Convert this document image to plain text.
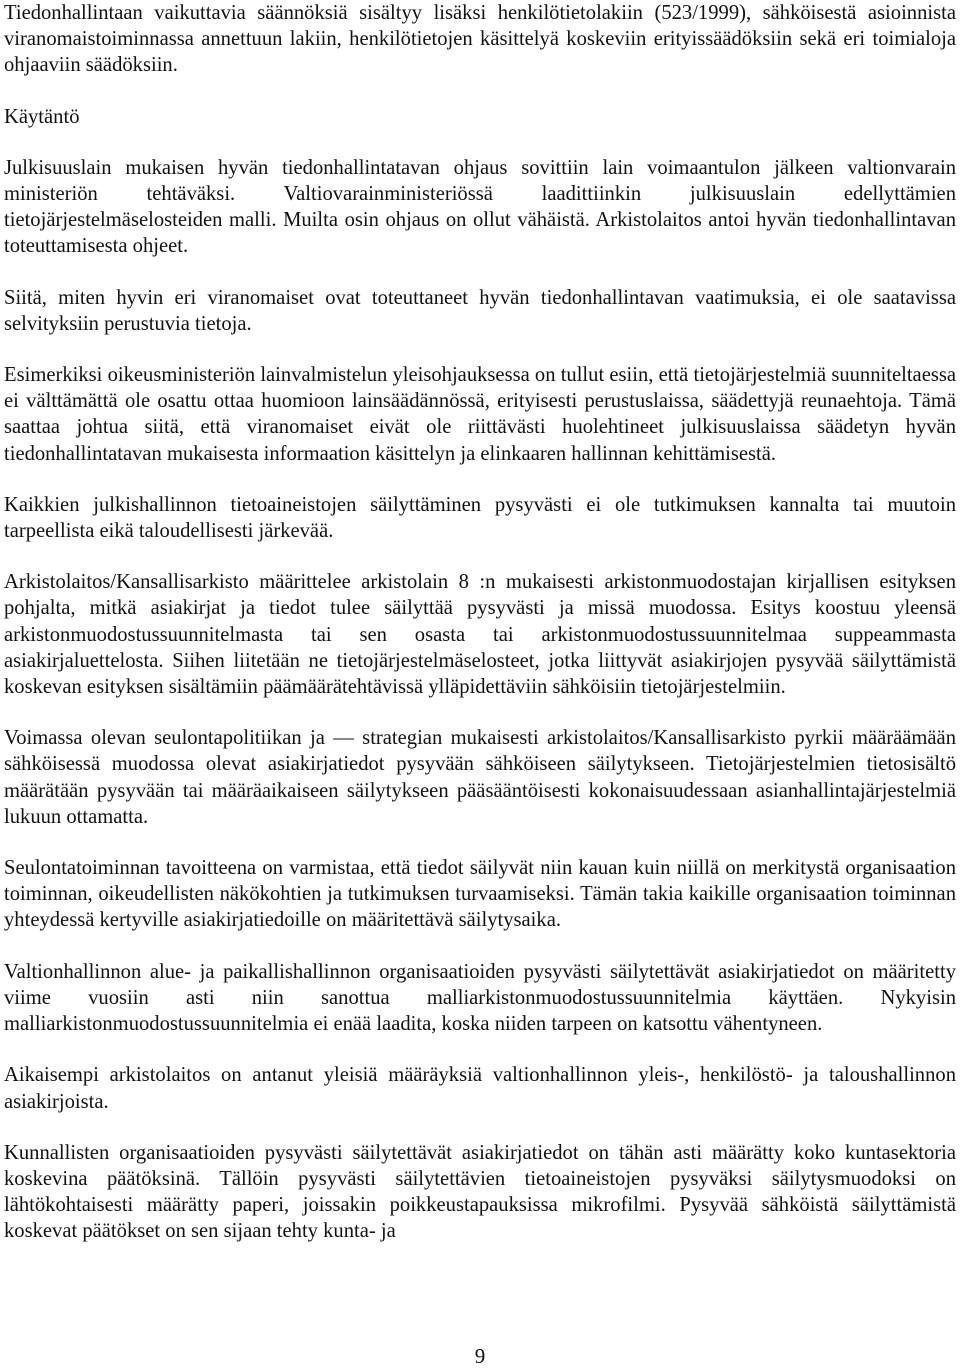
Tiedonhallintaan vaikuttavia säännöksiä sisältyy lisäksi henkilötietolakiin (523/1999), sähköisestä asioinnista viranomaistoiminnassa annettuun lakiin, henkilötietojen käsittelyä koskeviin erityissäädöksiin sekä eri toimialoja ohjaaviin säädöksiin.

Käytäntö

Julkisuuslain mukaisen hyvän tiedonhallintatavan ohjaus sovittiin lain voimaantulon jälkeen valtionvarain ministeriön tehtäväksi. Valtiovarainministeriössä laadittiinkin julkisuuslain edellyttämien tietojärjestelmäselosteiden malli. Muilta osin ohjaus on ollut vähäistä. Arkistolaitos antoi hyvän tiedonhallintavan toteuttamisesta ohjeet.

Siitä, miten hyvin eri viranomaiset ovat toteuttaneet hyvän tiedonhallintavan vaatimuksia, ei ole saatavissa selvityksiin perustuvia tietoja.

Esimerkiksi oikeusministeriön lainvalmistelun yleisohjauksessa on tullut esiin, että tietojärjestelmiä suunniteltaessa ei välttämättä ole osattu ottaa huomioon lainsäädännössä, erityisesti perustuslaissa, säädettyjä reunaehtoja. Tämä saattaa johtua siitä, että viranomaiset eivät ole riittävästi huolehtineet julkisuuslaissa säädetyn hyvän tiedonhallintatavan mukaisesta informaation käsittelyn ja elinkaaren hallinnan kehittämisestä.

Kaikkien julkishallinnon tietoaineistojen säilyttäminen pysyvästi ei ole tutkimuksen kannalta tai muutoin tarpeellista eikä taloudellisesti järkevää.

Arkistolaitos/Kansallisarkisto määrittelee arkistolain 8 :n mukaisesti arkistonmuodostajan kirjallisen esityksen pohjalta, mitkä asiakirjat ja tiedot tulee säilyttää pysyvästi ja missä muodossa. Esitys koostuu yleensä arkistonmuodostussuunnitelmasta tai sen osasta tai arkistonmuodostussuunnitelmaa suppeammasta asiakirjaluettelosta. Siihen liitetään ne tietojärjestelmäselosteet, jotka liittyvät asiakirjojen pysyvää säilyttämistä koskevan esityksen sisältämiin päämäärätehtävissä ylläpidettäviin sähköisiin tietojärjestelmiin.

Voimassa olevan seulontapolitiikan ja — strategian mukaisesti arkistolaitos/Kansallisarkisto pyrkii määräämään sähköisessä muodossa olevat asiakirjatiedot pysyvään sähköiseen säilytykseen. Tietojärjestelmien tietosisältö määrätään pysyvään tai määräaikaiseen säilytykseen pääsääntöisesti kokonaisuudessaan asianhallintajärjestelmiä lukuun ottamatta.

Seulontatoiminnan tavoitteena on varmistaa, että tiedot säilyvät niin kauan kuin niillä on merkitystä organisaation toiminnan, oikeudellisten näkökohtien ja tutkimuksen turvaamiseksi. Tämän takia kaikille organisaation toiminnan yhteydessä kertyville asiakirjatiedoille on määritettävä säilytysaika.

Valtionhallinnon alue- ja paikallishallinnon organisaatioiden pysyvästi säilytettävät asiakirjatiedot on määritetty viime vuosiin asti niin sanottua malliarkistonmuodostussuunnitelmia käyttäen. Nykyisin malliarkistonmuodostussuunnitelmia ei enää laadita, koska niiden tarpeen on katsottu vähentyneen.

Aikaisempi arkistolaitos on antanut yleisiä määräyksiä valtionhallinnon yleis-, henkilöstö- ja taloushallinnon asiakirjoista.

Kunnallisten organisaatioiden pysyvästi säilytettävät asiakirjatiedot on tähän asti määrätty koko kuntasektoria koskevina päätöksinä. Tällöin pysyvästi säilytettävien tietoaineistojen pysyväksi säilytysmuodoksi on lähtökohtaisesti määrätty paperi, joissakin poikkeustapauksissa mikrofilmi. Pysyvää sähköistä säilyttämistä koskevat päätökset on sen sijaan tehty kunta- ja

9
